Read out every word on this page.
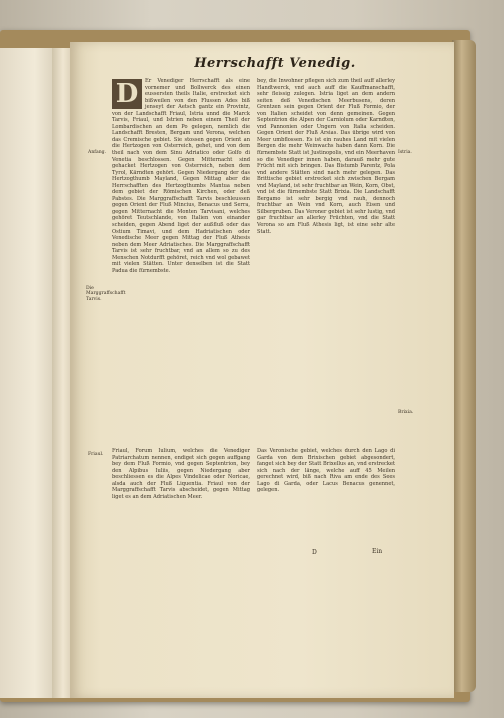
Herrschafft Venedig.
D	Er Venediger Herrschafft als eine vornemer und Bollwerck des einen eussersten theils Italie, erstrecket sich bißweilen von den Flussen Ades biß jenseyt der Aetsch gantz ein Provintz, von der Landschafft Friaul, Istria unnd die Marck Tarvis, Friaul, und Istrien neben einem Theil der Lombardischen an dem Po gelegen, nemlich die Landschafft Bresten, Bergam und Verona, welchen das Cremische gebiet. Sie stossen gegen Orient an die Hertzogen von Osterreich, gehet, und von dem theil nach von dem Sinu Adriatico oder Golfo di Venetia beschlossen. Gegen Mitternacht sind gehacket Hertzogen von Osterreich, neben dem Tyrol, Kärndten gehört. Gegen Niedergang der das Hertzogthumb Mayland, Gegen Mittag aber die Herrschafften des Hertzogthumbs Mantua neben dem gebiet der Römischen Kirchen, oder deß Pabstes. Die Marggraffschafft Tarvis beschleussen gegen Orient der Fluß Mincius, Benacus und Serra, gegen Mitternacht die Monten Tarvisani, welches gehöret Teutschlande, von Italien von einander scheiden, gegen Abend liget der außfluß oder das Ostium Timavi, und dem Hadriatischen oder Venedische Meer gegen Mittag der Fluß Athesis neben dem Meer Adriatisches. Die Marggraffschafft Tarvis ist sehr fruchtbar, vnd an allem so zu des Menschen Notdurfft gehöret, reich vnd wol gebawet mit vielen Stätten. Unter denselben ist die Statt Padua die fürnembste.
bey, die Inwohner pflegen sich zum theil auff allerley Handtwerck, vnd auch auff die Kauffmanschafft, sehr fleissig zulegen. Istria liget an dem andern seiten deß Venedischen Meerbusens, deren Grentzen sein gegen Orient der Fluß Formio, der von Italien scheidet von denn gemeinen. Gegen Septentrion die Alpen der Carniolum oder Karndten, vnd Pannonien oder Ungern von Italia scheiden. Gegen Orient der Fluß Arsias. Das übrige wird von Meer umbflossen. Es ist ein rauhes Land mit vielen Bergen die mehr Weinwachs haben dann Korn. Die fürnembste Statt ist Justinopolis, vnd ein Meerhaven so die Venediger innen haben, darauß mehr gute Frücht mit sich bringen. Das Bistumb Parentz, Pola vnd andere Stätten sind nach mehr gelegen. Das Brittische gebiet erstrecket sich zwischen Bergam vnd Mayland, ist sehr fruchtbar an Wein, Korn, Obst, vnd ist die fürnembste Statt Brixia. Die Landschafft Bergamo ist sehr bergig vnd rauh, dennoch fruchtbar an Wein vnd Korn, auch Eisen und Silbergruben. Das Veroner gebiet ist sehr lustig, vnd gar fruchtbar an allerley Früchten, vnd die Statt Verona so am Fluß Athesis ligt, ist eine sehr alte Statt.
Friaul, Forum Iulium, welches die Venediger Patriarchatum nennen, endiget sich gegen auffgang bey dem Fluß Formio, vnd gegen Septentrion, bey den Alpibus Iuliis, gegen Niedergang aber beschliessen es die Alpes Vindelicae oder Noricae, alsda auch der Fluß Liquentia. Friaul von der Marggraffschafft Tarvis abscheidet, gegen Mittag liget es an dem Adriatischen Meer.
Das Veronische gebiet, welches durch den Lago di Garda von dem Brixischen gebiet abgesondert, fanget sich bey der Statt Brixellus an, vnd erstrecket sich nach der länge, welche auff 45 Meilen gerechnet wird, biß nach Riva am ende des Sees Lago di Garda, oder Lacus Benacus genennet, gelegen.
Anfang.
Die Marggraffschafft Tarvis.
Friaul.
Istria.
Brixia.
D	Ein
